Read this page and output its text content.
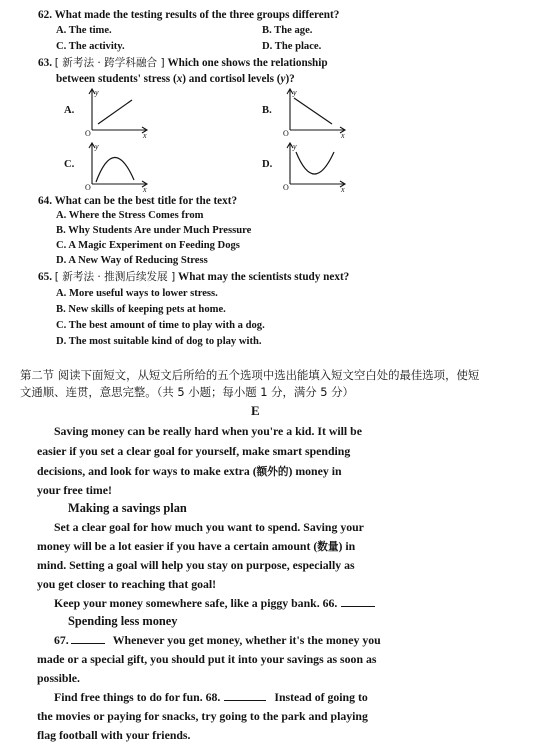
62. What made the testing results of the three groups different?
A. The time.	B. The age.
C. The activity.	D. The place.
63. [ 新考法 · 跨学科融合 ] Which one shows the relationship
between students' stress (x) and cortisol levels (y)?
A.	B.
C.	D.
y
O	x
y
O	x
y
O	x
y
O	x
64. What can be the best title for the text?
A. Where the Stress Comes from
B. Why Students Are under Much Pressure
C. A Magic Experiment on Feeding Dogs
D. A New Way of Reducing Stress
65. [ 新考法 · 推测后续发展 ] What may the scientists study next?
A. More useful ways to lower stress.
B. New skills of keeping pets at home.
C. The best amount of time to play with a dog.
D. The most suitable kind of dog to play with.
第二节 阅读下面短文，从短文后所给的五个选项中选出能填入短文空白处的最佳选项，使短
文通顺、连贯，意思完整。（共 5 小题；每小题 1 分，满分 5 分）
E
Saving money can be really hard when you're a kid. It will be
easier if you set a clear goal for yourself, make smart spending
decisions, and look for ways to make extra (额外的) money in
your free time!
Making a savings plan
Set a clear goal for how much you want to spend. Saving your
money will be a lot easier if you have a certain amount (数量) in
mind. Setting a goal will help you stay on purpose, especially as
you get closer to reaching that goal!
Keep your money somewhere safe, like a piggy bank. 66.
Spending less money
67.	Whenever you get money, whether it's the money you
made or a special gift, you should put it into your savings as soon as
possible.
Find free things to do for fun. 68.	Instead of going to
the movies or paying for snacks, try going to the park and playing
flag football with your friends.
